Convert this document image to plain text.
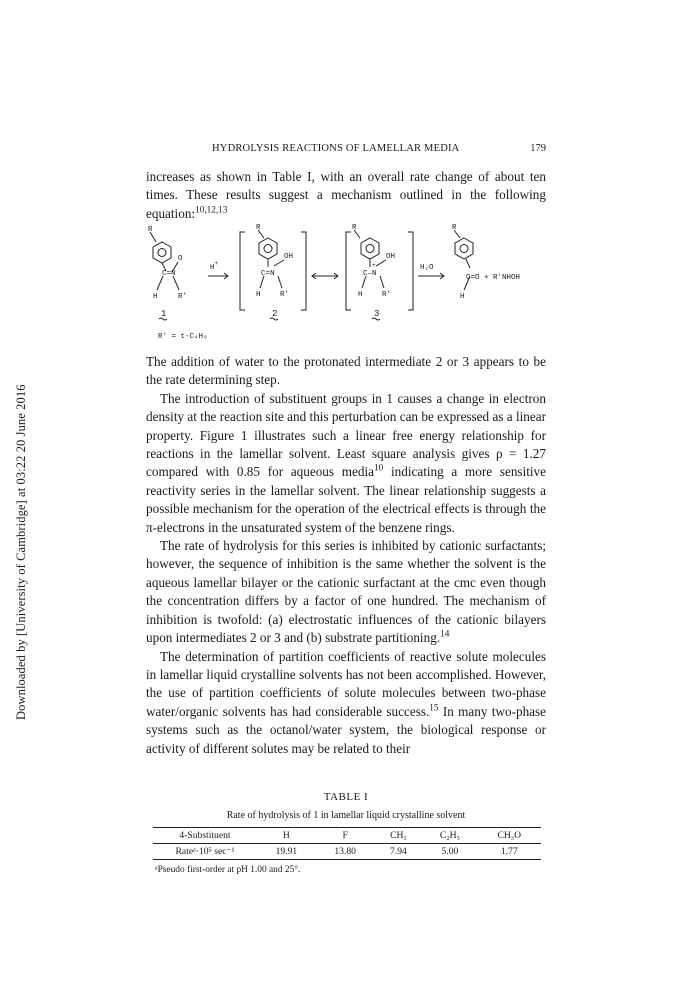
Downloaded by [University of Cambridge] at 03:22 20 June 2016
HYDROLYSIS REACTIONS OF LAMELLAR MEDIA	179

increases as shown in Table I, with an overall rate change of about ten times. These results suggest a mechanism outlined in the following equation:$^{10,12,13}$

R
O
C=N
H	R'
H+
R
OH
C=N
H	R'
R
OH
+
C–N
H	R'
H₂O
R
C=O + R'NHOH
H
1	2	3
R' = t-C₄H₉
The addition of water to the protonated intermediate 2 or 3 appears to be the rate determining step.
The introduction of substituent groups in 1 causes a change in electron density at the reaction site and this perturbation can be expressed as a linear property. Figure 1 illustrates such a linear free energy relationship for reactions in the lamellar solvent. Least square analysis gives ρ = 1.27 compared with 0.85 for aqueous media$^{10}$ indicating a more sensitive reactivity series in the lamellar solvent. The linear relationship suggests a possible mechanism for the operation of the electrical effects is through the π-electrons in the unsaturated system of the benzene rings.
The rate of hydrolysis for this series is inhibited by cationic surfactants; however, the sequence of inhibition is the same whether the solvent is the aqueous lamellar bilayer or the cationic surfactant at the cmc even though the concentration differs by a factor of one hundred. The mechanism of inhibition is twofold: (a) electrostatic influences of the cationic bilayers upon intermediates 2 or 3 and (b) substrate partitioning.$^{14}$
The determination of partition coefficients of reactive solute molecules in lamellar liquid crystalline solvents has not been accomplished. However, the use of partition coefficients of solute molecules between two-phase water/organic solvents has had considerable success.$^{15}$ In many two-phase systems such as the octanol/water system, the biological response or activity of different solutes may be related to their
TABLE I
Rate of hydrolysis of 1 in lamellar liquid crystalline solvent
4-Substituent	H	F	CH₃	C₂H₅	CH₃O
Rateᵃ·10⁵ sec⁻¹	19.91	13.80	7.94	5.00	1.77
ᵃPseudo first-order at pH 1.00 and 25°.
